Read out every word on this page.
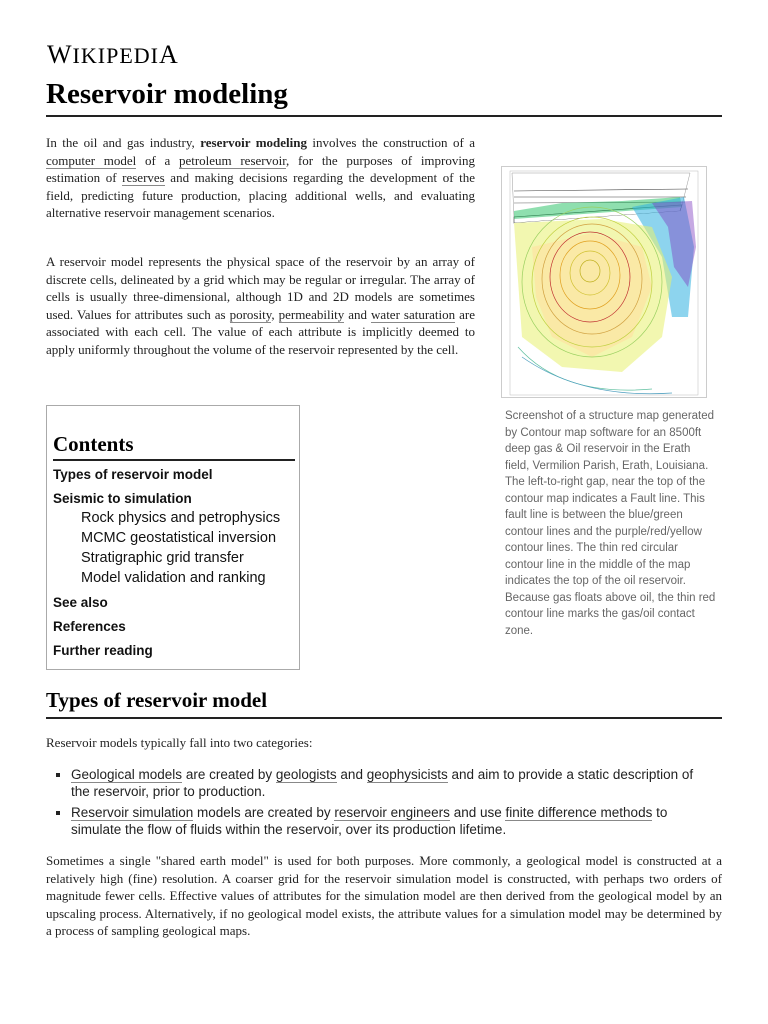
WIKIPEDIA
Reservoir modeling

In the oil and gas industry, reservoir modeling involves the construction of a computer model of a petroleum reservoir, for the purposes of improving estimation of reserves and making decisions regarding the development of the field, predicting future production, placing additional wells, and evaluating alternative reservoir management scenarios.

A reservoir model represents the physical space of the reservoir by an array of discrete cells, delineated by a grid which may be regular or irregular. The array of cells is usually three-dimensional, although 1D and 2D models are sometimes used. Values for attributes such as porosity, permeability and water saturation are associated with each cell. The value of each attribute is implicitly deemed to apply uniformly throughout the volume of the reservoir represented by the cell.

Screenshot of a structure map generated by Contour map software for an 8500ft deep gas & Oil reservoir in the Erath field, Vermilion Parish, Erath, Louisiana. The left-to-right gap, near the top of the contour map indicates a Fault line. This fault line is between the blue/green contour lines and the purple/red/yellow contour lines. The thin red circular contour line in the middle of the map indicates the top of the oil reservoir. Because gas floats above oil, the thin red contour line marks the gas/oil contact zone.
Contents
Types of reservoir model
Seismic to simulation
Rock physics and petrophysics
MCMC geostatistical inversion
Stratigraphic grid transfer
Model validation and ranking
See also
References
Further reading
Types of reservoir model

Reservoir models typically fall into two categories:

▪ Geological models are created by geologists and geophysicists and aim to provide a static description of the reservoir, prior to production.
▪ Reservoir simulation models are created by reservoir engineers and use finite difference methods to simulate the flow of fluids within the reservoir, over its production lifetime.

Sometimes a single "shared earth model" is used for both purposes. More commonly, a geological model is constructed at a relatively high (fine) resolution. A coarser grid for the reservoir simulation model is constructed, with perhaps two orders of magnitude fewer cells. Effective values of attributes for the simulation model are then derived from the geological model by an upscaling process. Alternatively, if no geological model exists, the attribute values for a simulation model may be determined by a process of sampling geological maps.
